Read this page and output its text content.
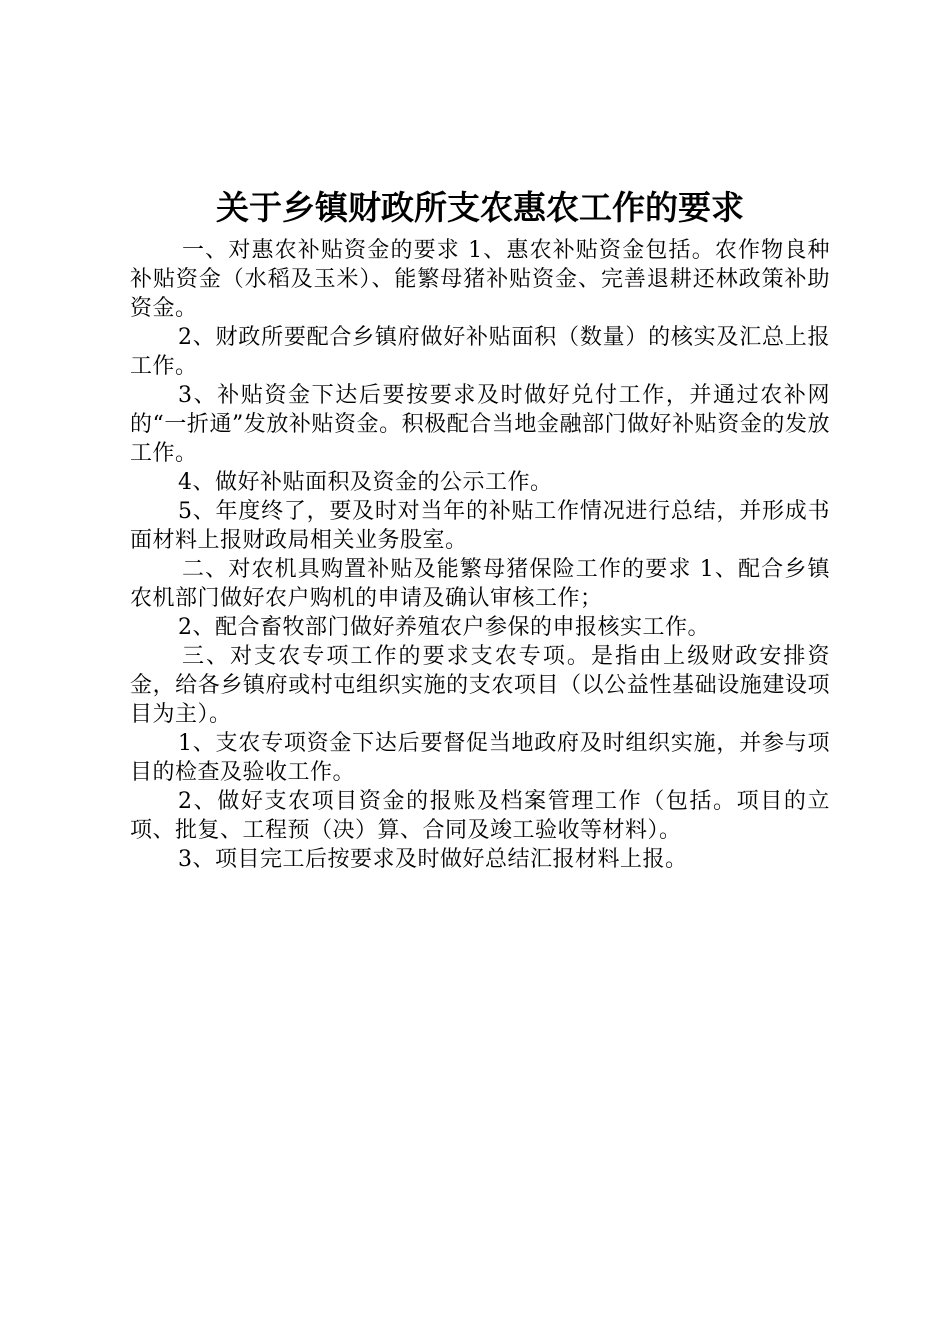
关于乡镇财政所支农惠农工作的要求

一、对惠农补贴资金的要求 1、惠农补贴资金包括。农作物良种补贴资金（水稻及玉米）、能繁母猪补贴资金、完善退耕还林政策补助资金。

2、财政所要配合乡镇府做好补贴面积（数量）的核实及汇总上报工作。

3、补贴资金下达后要按要求及时做好兑付工作，并通过农补网的“一折通”发放补贴资金。积极配合当地金融部门做好补贴资金的发放工作。

4、做好补贴面积及资金的公示工作。

5、年度终了，要及时对当年的补贴工作情况进行总结，并形成书面材料上报财政局相关业务股室。

二、对农机具购置补贴及能繁母猪保险工作的要求 1、配合乡镇农机部门做好农户购机的申请及确认审核工作；

2、配合畜牧部门做好养殖农户参保的申报核实工作。

三、对支农专项工作的要求支农专项。是指由上级财政安排资金，给各乡镇府或村屯组织实施的支农项目（以公益性基础设施建设项目为主）。

1、支农专项资金下达后要督促当地政府及时组织实施，并参与项目的检查及验收工作。

2、做好支农项目资金的报账及档案管理工作（包括。项目的立项、批复、工程预（决）算、合同及竣工验收等材料）。

3、项目完工后按要求及时做好总结汇报材料上报。
